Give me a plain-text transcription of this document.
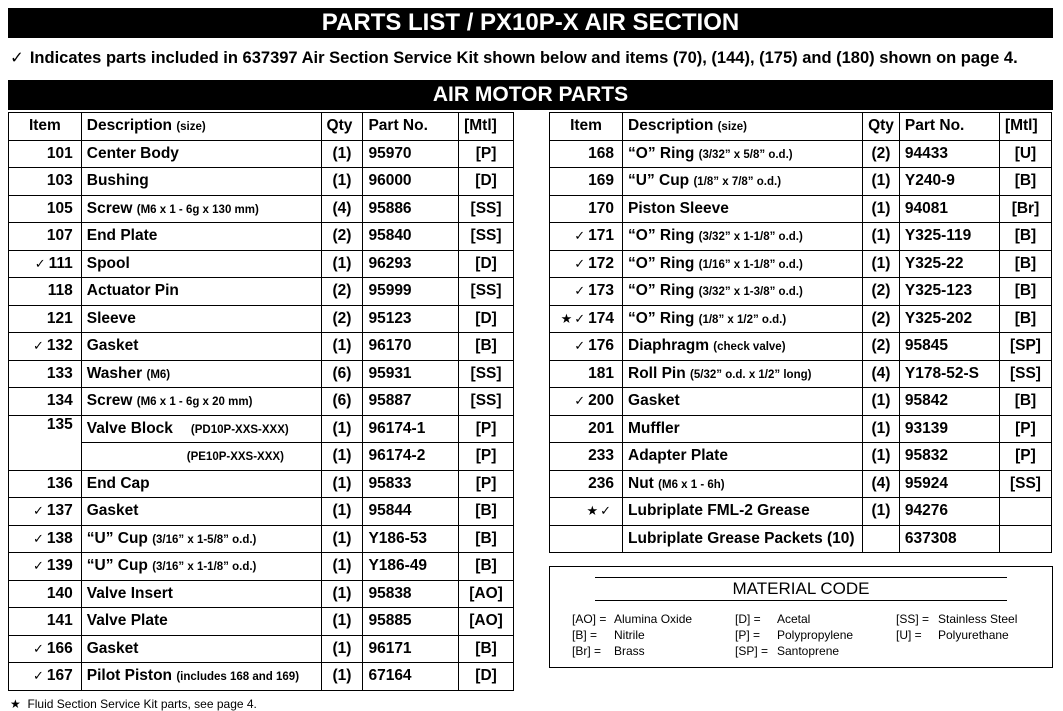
PARTS LIST / PX10P-X AIR SECTION
✓ Indicates parts included in 637397 Air Section Service Kit shown below and items (70), (144), (175) and (180) shown on page 4.
AIR MOTOR PARTS
Item	Description (size)	Qty	Part No.	[Mtl]
101	Center Body	(1)	95970	[P]
103	Bushing	(1)	96000	[D]
105	Screw (M6 x 1 - 6g x 130 mm)	(4)	95886	[SS]
107	End Plate	(2)	95840	[SS]
✓ 111	Spool	(1)	96293	[D]
118	Actuator Pin	(2)	95999	[SS]
121	Sleeve	(2)	95123	[D]
✓ 132	Gasket	(1)	96170	[B]
133	Washer (M6)	(6)	95931	[SS]
134	Screw (M6 x 1 - 6g x 20 mm)	(6)	95887	[SS]
135	Valve Block (PD10P-XXS-XXX)	(1)	96174-1	[P]
	(PE10P-XXS-XXX)	(1)	96174-2	[P]
136	End Cap	(1)	95833	[P]
✓ 137	Gasket	(1)	95844	[B]
✓ 138	“U” Cup (3/16” x 1-5/8” o.d.)	(1)	Y186-53	[B]
✓ 139	“U” Cup (3/16” x 1-1/8” o.d.)	(1)	Y186-49	[B]
140	Valve Insert	(1)	95838	[AO]
141	Valve Plate	(1)	95885	[AO]
✓ 166	Gasket	(1)	96171	[B]
✓ 167	Pilot Piston (includes 168 and 169)	(1)	67164	[D]
Item	Description (size)	Qty	Part No.	[Mtl]
168	“O” Ring (3/32” x 5/8” o.d.)	(2)	94433	[U]
169	“U” Cup (1/8” x 7/8” o.d.)	(1)	Y240-9	[B]
170	Piston Sleeve	(1)	94081	[Br]
✓ 171	“O” Ring (3/32” x 1-1/8” o.d.)	(1)	Y325-119	[B]
✓ 172	“O” Ring (1/16” x 1-1/8” o.d.)	(1)	Y325-22	[B]
✓ 173	“O” Ring (3/32” x 1-3/8” o.d.)	(2)	Y325-123	[B]
★ ✓ 174	“O” Ring (1/8” x 1/2” o.d.)	(2)	Y325-202	[B]
✓ 176	Diaphragm (check valve)	(2)	95845	[SP]
181	Roll Pin (5/32” o.d. x 1/2” long)	(4)	Y178-52-S	[SS]
✓ 200	Gasket	(1)	95842	[B]
201	Muffler	(1)	93139	[P]
233	Adapter Plate	(1)	95832	[P]
236	Nut (M6 x 1 - 6h)	(4)	95924	[SS]
★ ✓	Lubriplate FML-2 Grease	(1)	94276	
	Lubriplate Grease Packets (10)		637308	
MATERIAL CODE
[AO] = Alumina Oxide
[B] = Nitrile
[Br] = Brass
[D] = Acetal
[P] = Polypropylene
[SP] = Santoprene
[SS] = Stainless Steel
[U] = Polyurethane
★ Fluid Section Service Kit parts, see page 4.
